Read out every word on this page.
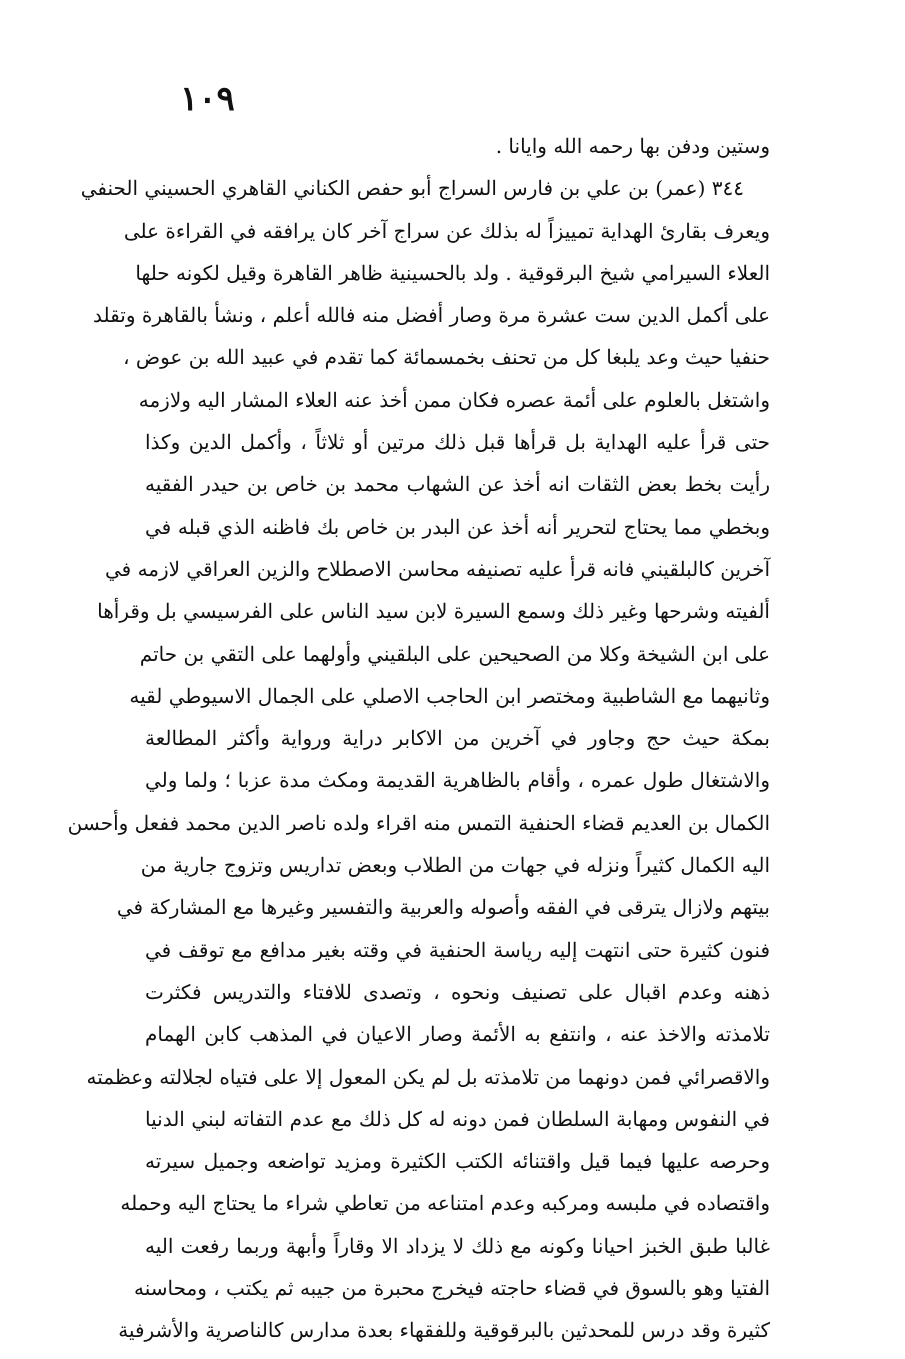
١٠٩
وستين ودفن بها رحمه الله وايانا .
٣٤٤ (عمر) بن علي بن فارس السراج أبو حفص الكناني القاهري الحسيني الحنفي
ويعرف بقارئ الهداية تمييزاً له بذلك عن سراج آخر كان يرافقه في القراءة على
العلاء السيرامي شيخ البرقوقية . ولد بالحسينية ظاهر القاهرة وقيل لكونه حلها
على أكمل الدين ست عشرة مرة وصار أفضل منه فالله أعلم ، ونشأ بالقاهرة وتقلد
حنفيا حيث وعد يلبغا كل من تحنف بخمسمائة كما تقدم في عبيد الله بن عوض ،
واشتغل بالعلوم على أئمة عصره فكان ممن أخذ عنه العلاء المشار اليه ولازمه
حتى قرأ عليه الهداية بل قرأها قبل ذلك مرتين أو ثلاثاً ، وأكمل الدين وكذا
رأيت بخط بعض الثقات انه أخذ عن الشهاب محمد بن خاص بن حيدر الفقيه
وبخطي مما يحتاج لتحرير أنه أخذ عن البدر بن خاص بك فاظنه الذي قبله في
آخرين كالبلقيني فانه قرأ عليه تصنيفه محاسن الاصطلاح والزين العراقي لازمه في
ألفيته وشرحها وغير ذلك وسمع السيرة لابن سيد الناس على الفرسيسي بل وقرأها
على ابن الشيخة وكلا من الصحيحين على البلقيني وأولهما على التقي بن حاتم
وثانيهما مع الشاطبية ومختصر ابن الحاجب الاصلي على الجمال الاسيوطي لقيه
بمكة حيث حج وجاور في آخرين من الاكابر دراية ورواية وأكثر المطالعة
والاشتغال طول عمره ، وأقام بالظاهرية القديمة ومكث مدة عزبا ؛ ولما ولي
الكمال بن العديم قضاء الحنفية التمس منه اقراء ولده ناصر الدين محمد ففعل وأحسن
اليه الكمال كثيراً ونزله في جهات من الطلاب وبعض تداريس وتزوج جارية من
بيتهم ولازال يترقى في الفقه وأصوله والعربية والتفسير وغيرها مع المشاركة في
فنون كثيرة حتى انتهت إليه رياسة الحنفية في وقته بغير مدافع مع توقف في
ذهنه وعدم اقبال على تصنيف ونحوه ، وتصدى للافتاء والتدريس فكثرت
تلامذته والاخذ عنه ، وانتفع به الأئمة وصار الاعيان في المذهب كابن الهمام
والاقصرائي فمن دونهما من تلامذته بل لم يكن المعول إلا على فتياه لجلالته وعظمته
في النفوس ومهابة السلطان فمن دونه له كل ذلك مع عدم التفاته لبني الدنيا
وحرصه عليها فيما قيل واقتنائه الكتب الكثيرة ومزيد تواضعه وجميل سيرته
واقتصاده في ملبسه ومركبه وعدم امتناعه من تعاطي شراء ما يحتاج اليه وحمله
غالبا طبق الخبز احيانا وكونه مع ذلك لا يزداد الا وقاراً وأبهة وربما رفعت اليه
الفتيا وهو بالسوق في قضاء حاجته فيخرج محبرة من جيبه ثم يكتب ، ومحاسنه
كثيرة وقد درس للمحدثين بالبرقوقية وللفقهاء بعدة مدارس كالناصرية والأشرفية
